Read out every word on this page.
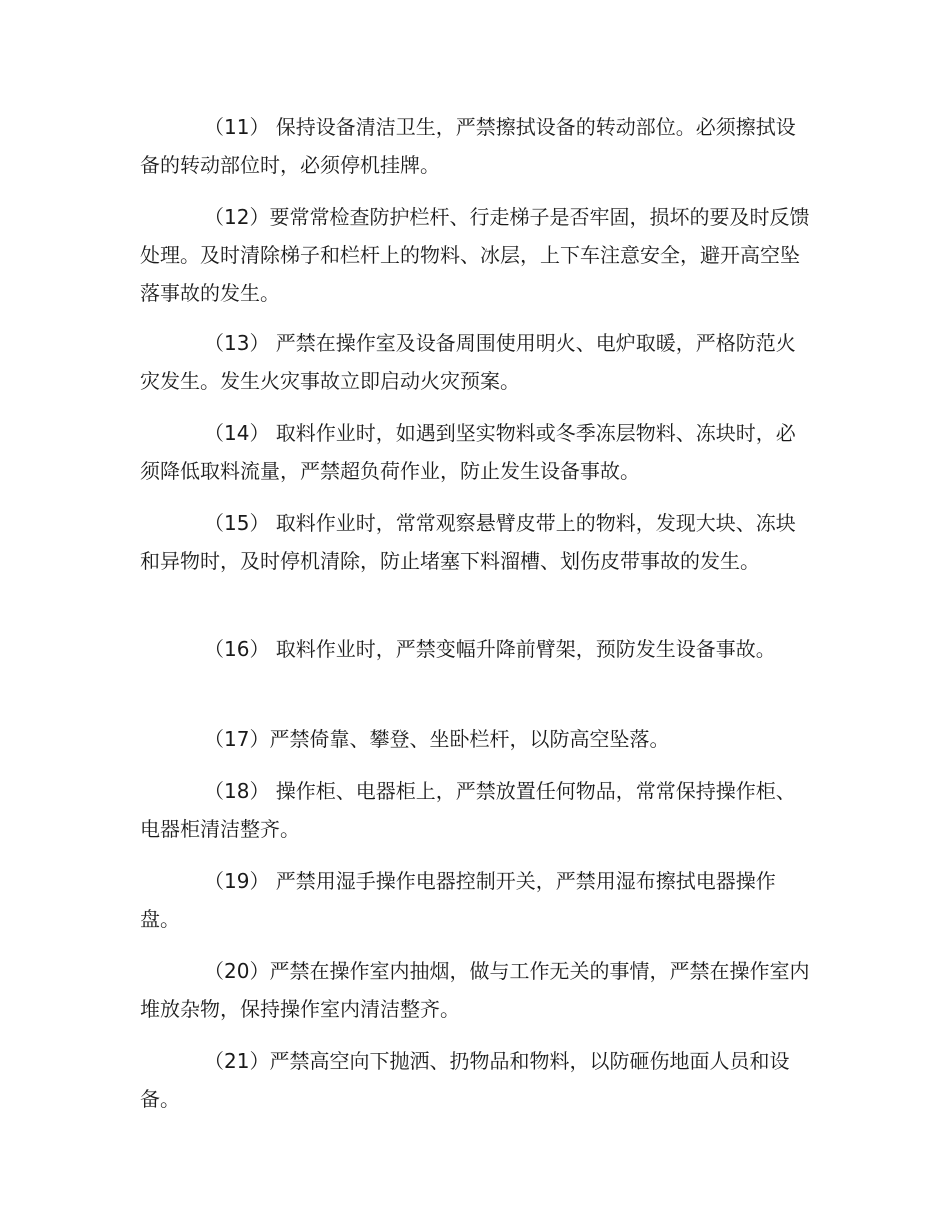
（11） 保持设备清洁卫生，严禁擦拭设备的转动部位。必须擦拭设备的转动部位时，必须停机挂牌。

（12）要常常检查防护栏杆、行走梯子是否牢固，损坏的要及时反馈处理。及时清除梯子和栏杆上的物料、冰层，上下车注意安全，避开高空坠落事故的发生。

（13） 严禁在操作室及设备周围使用明火、电炉取暖，严格防范火灾发生。发生火灾事故立即启动火灾预案。

（14） 取料作业时，如遇到坚实物料或冬季冻层物料、冻块时，必须降低取料流量，严禁超负荷作业，防止发生设备事故。

（15） 取料作业时，常常观察悬臂皮带上的物料，发现大块、冻块和异物时，及时停机清除，防止堵塞下料溜槽、划伤皮带事故的发生。

（16） 取料作业时，严禁变幅升降前臂架，预防发生设备事故。

（17）严禁倚靠、攀登、坐卧栏杆，以防高空坠落。

（18） 操作柜、电器柜上，严禁放置任何物品，常常保持操作柜、电器柜清洁整齐。

（19） 严禁用湿手操作电器控制开关，严禁用湿布擦拭电器操作盘。

（20）严禁在操作室内抽烟，做与工作无关的事情，严禁在操作室内堆放杂物，保持操作室内清洁整齐。

（21）严禁高空向下抛洒、扔物品和物料，以防砸伤地面人员和设备。
